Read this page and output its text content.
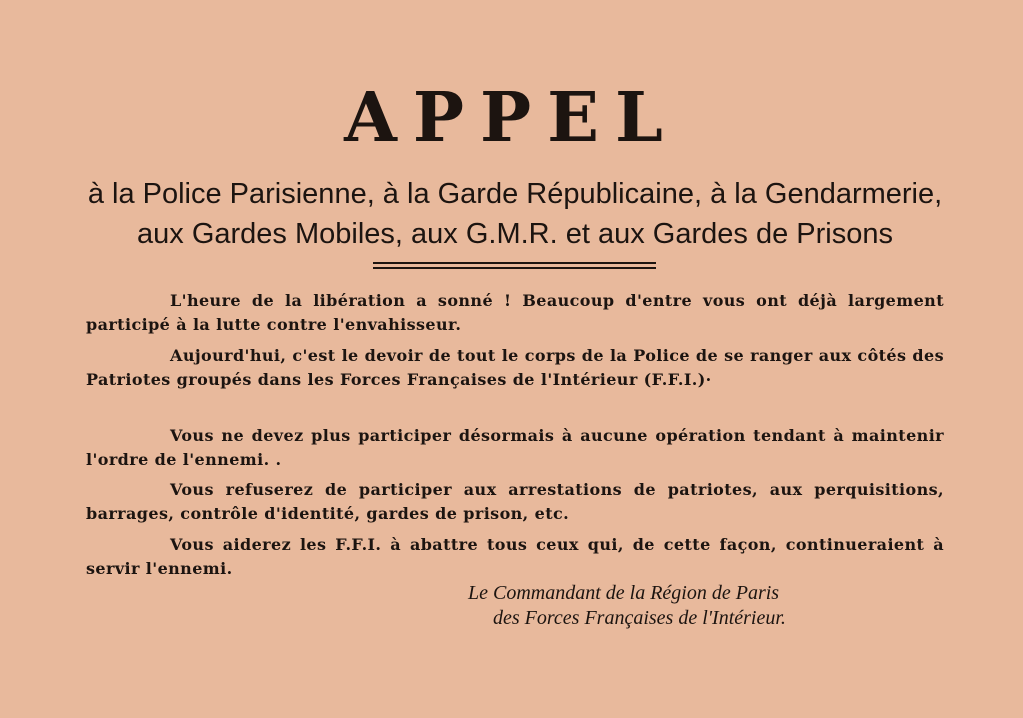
APPEL

à la Police Parisienne, à la Garde Républicaine, à la Gendarmerie,

aux Gardes Mobiles, aux G.M.R. et aux Gardes de Prisons

L'heure de la libération a sonné ! Beaucoup d'entre vous ont déjà largement participé à la lutte contre l'envahisseur.

Aujourd'hui, c'est le devoir de tout le corps de la Police de se ranger aux côtés des Patriotes groupés dans les Forces Françaises de l'Intérieur (F.F.I.)·

Vous ne devez plus participer désormais à aucune opération tendant à maintenir l'ordre de l'ennemi. .

Vous refuserez de participer aux arrestations de patriotes, aux perquisitions, barrages, contrôle d'identité, gardes de prison, etc.

Vous aiderez les F.F.I. à abattre tous ceux qui, de cette façon, continueraient à servir l'ennemi.

Le Commandant de la Région de Paris

des Forces Françaises de l'Intérieur.
